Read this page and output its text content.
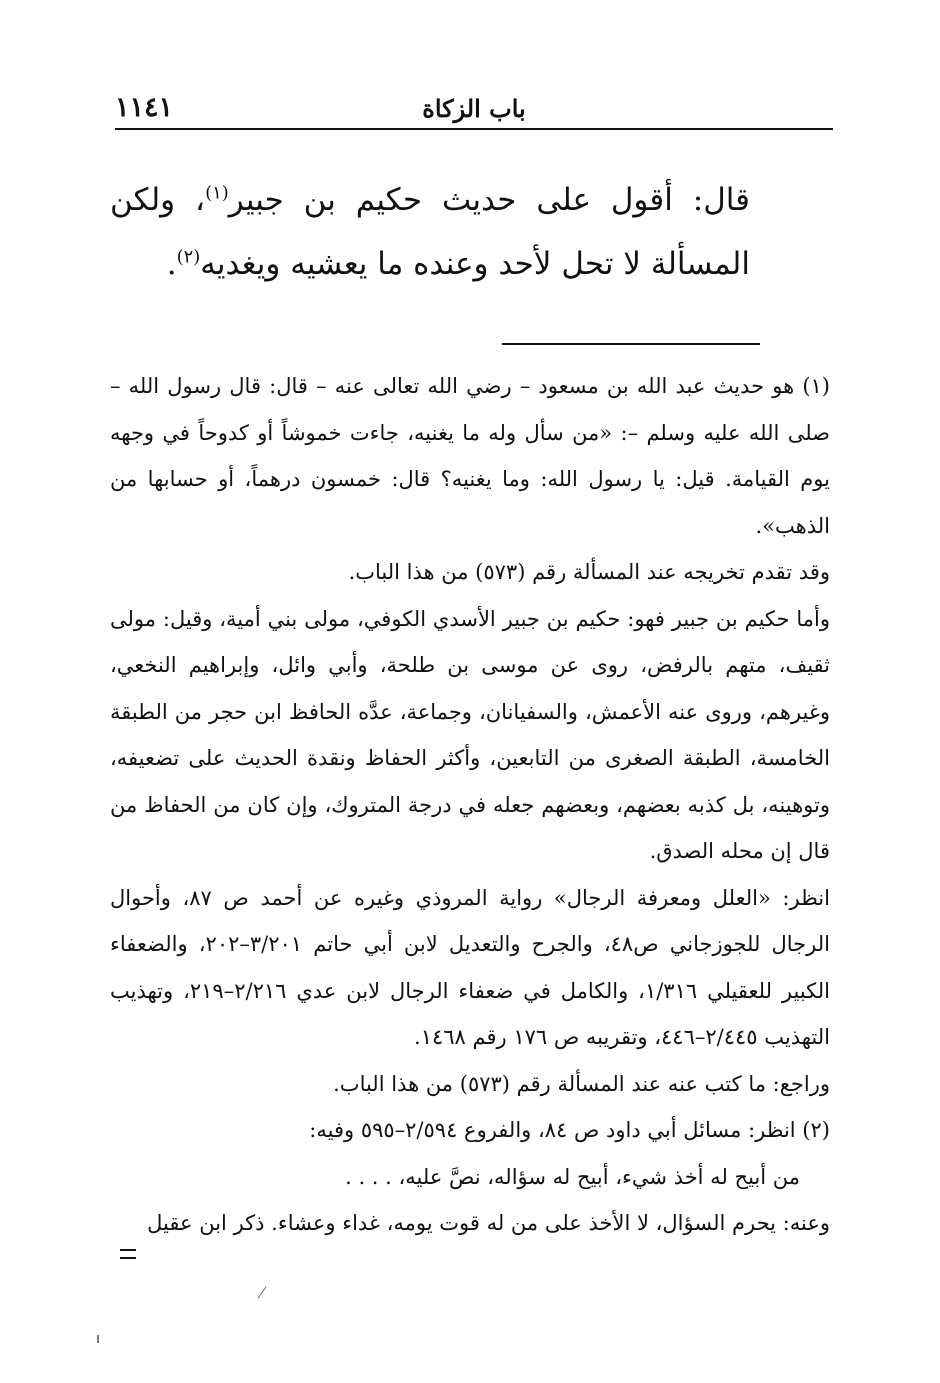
١١٤١	باب الزكاة

قال: أقول على حديث حكيم بن جبير$^{(١)}$، ولكن المسألة لا تحل لأحد وعنده ما يعشيه ويغديه$^{(٢)}$.

(١) هو حديث عبد الله بن مسعود – رضي الله تعالى عنه – قال: قال رسول الله – صلى الله عليه وسلم –: «من سأل وله ما يغنيه، جاءت خموشاً أو كدوحاً في وجهه يوم القيامة. قيل: يا رسول الله: وما يغنيه؟ قال: خمسون درهماً، أو حسابها من الذهب».

وقد تقدم تخريجه عند المسألة رقم (٥٧٣) من هذا الباب.

وأما حكيم بن جبير فهو: حكيم بن جبير الأسدي الكوفي، مولى بني أمية، وقيل: مولى ثقيف، متهم بالرفض، روى عن موسى بن طلحة، وأبي وائل، وإبراهيم النخعي، وغيرهم، وروى عنه الأعمش، والسفيانان، وجماعة، عدَّه الحافظ ابن حجر من الطبقة الخامسة، الطبقة الصغرى من التابعين، وأكثر الحفاظ ونقدة الحديث على تضعيفه، وتوهينه، بل كذبه بعضهم، وبعضهم جعله في درجة المتروك، وإن كان من الحفاظ من قال إن محله الصدق.

انظر: «العلل ومعرفة الرجال» رواية المروذي وغيره عن أحمد ص ٨٧، وأحوال الرجال للجوزجاني ص٤٨، والجرح والتعديل لابن أبي حاتم ٣/٢٠١–٢٠٢، والضعفاء الكبير للعقيلي ١/٣١٦، والكامل في ضعفاء الرجال لابن عدي ٢/٢١٦–٢١٩، وتهذيب التهذيب ٢/٤٤٥–٤٤٦، وتقريبه ص ١٧٦ رقم ١٤٦٨.

وراجع: ما كتب عنه عند المسألة رقم (٥٧٣) من هذا الباب.

(٢) انظر: مسائل أبي داود ص ٨٤، والفروع ٢/٥٩٤–٥٩٥ وفيه:

من أبيح له أخذ شيء، أبيح له سؤاله، نصَّ عليه، . . . .

وعنه: يحرم السؤال، لا الأخذ على من له قوت يومه، غداء وعشاء. ذكر ابن عقيل
